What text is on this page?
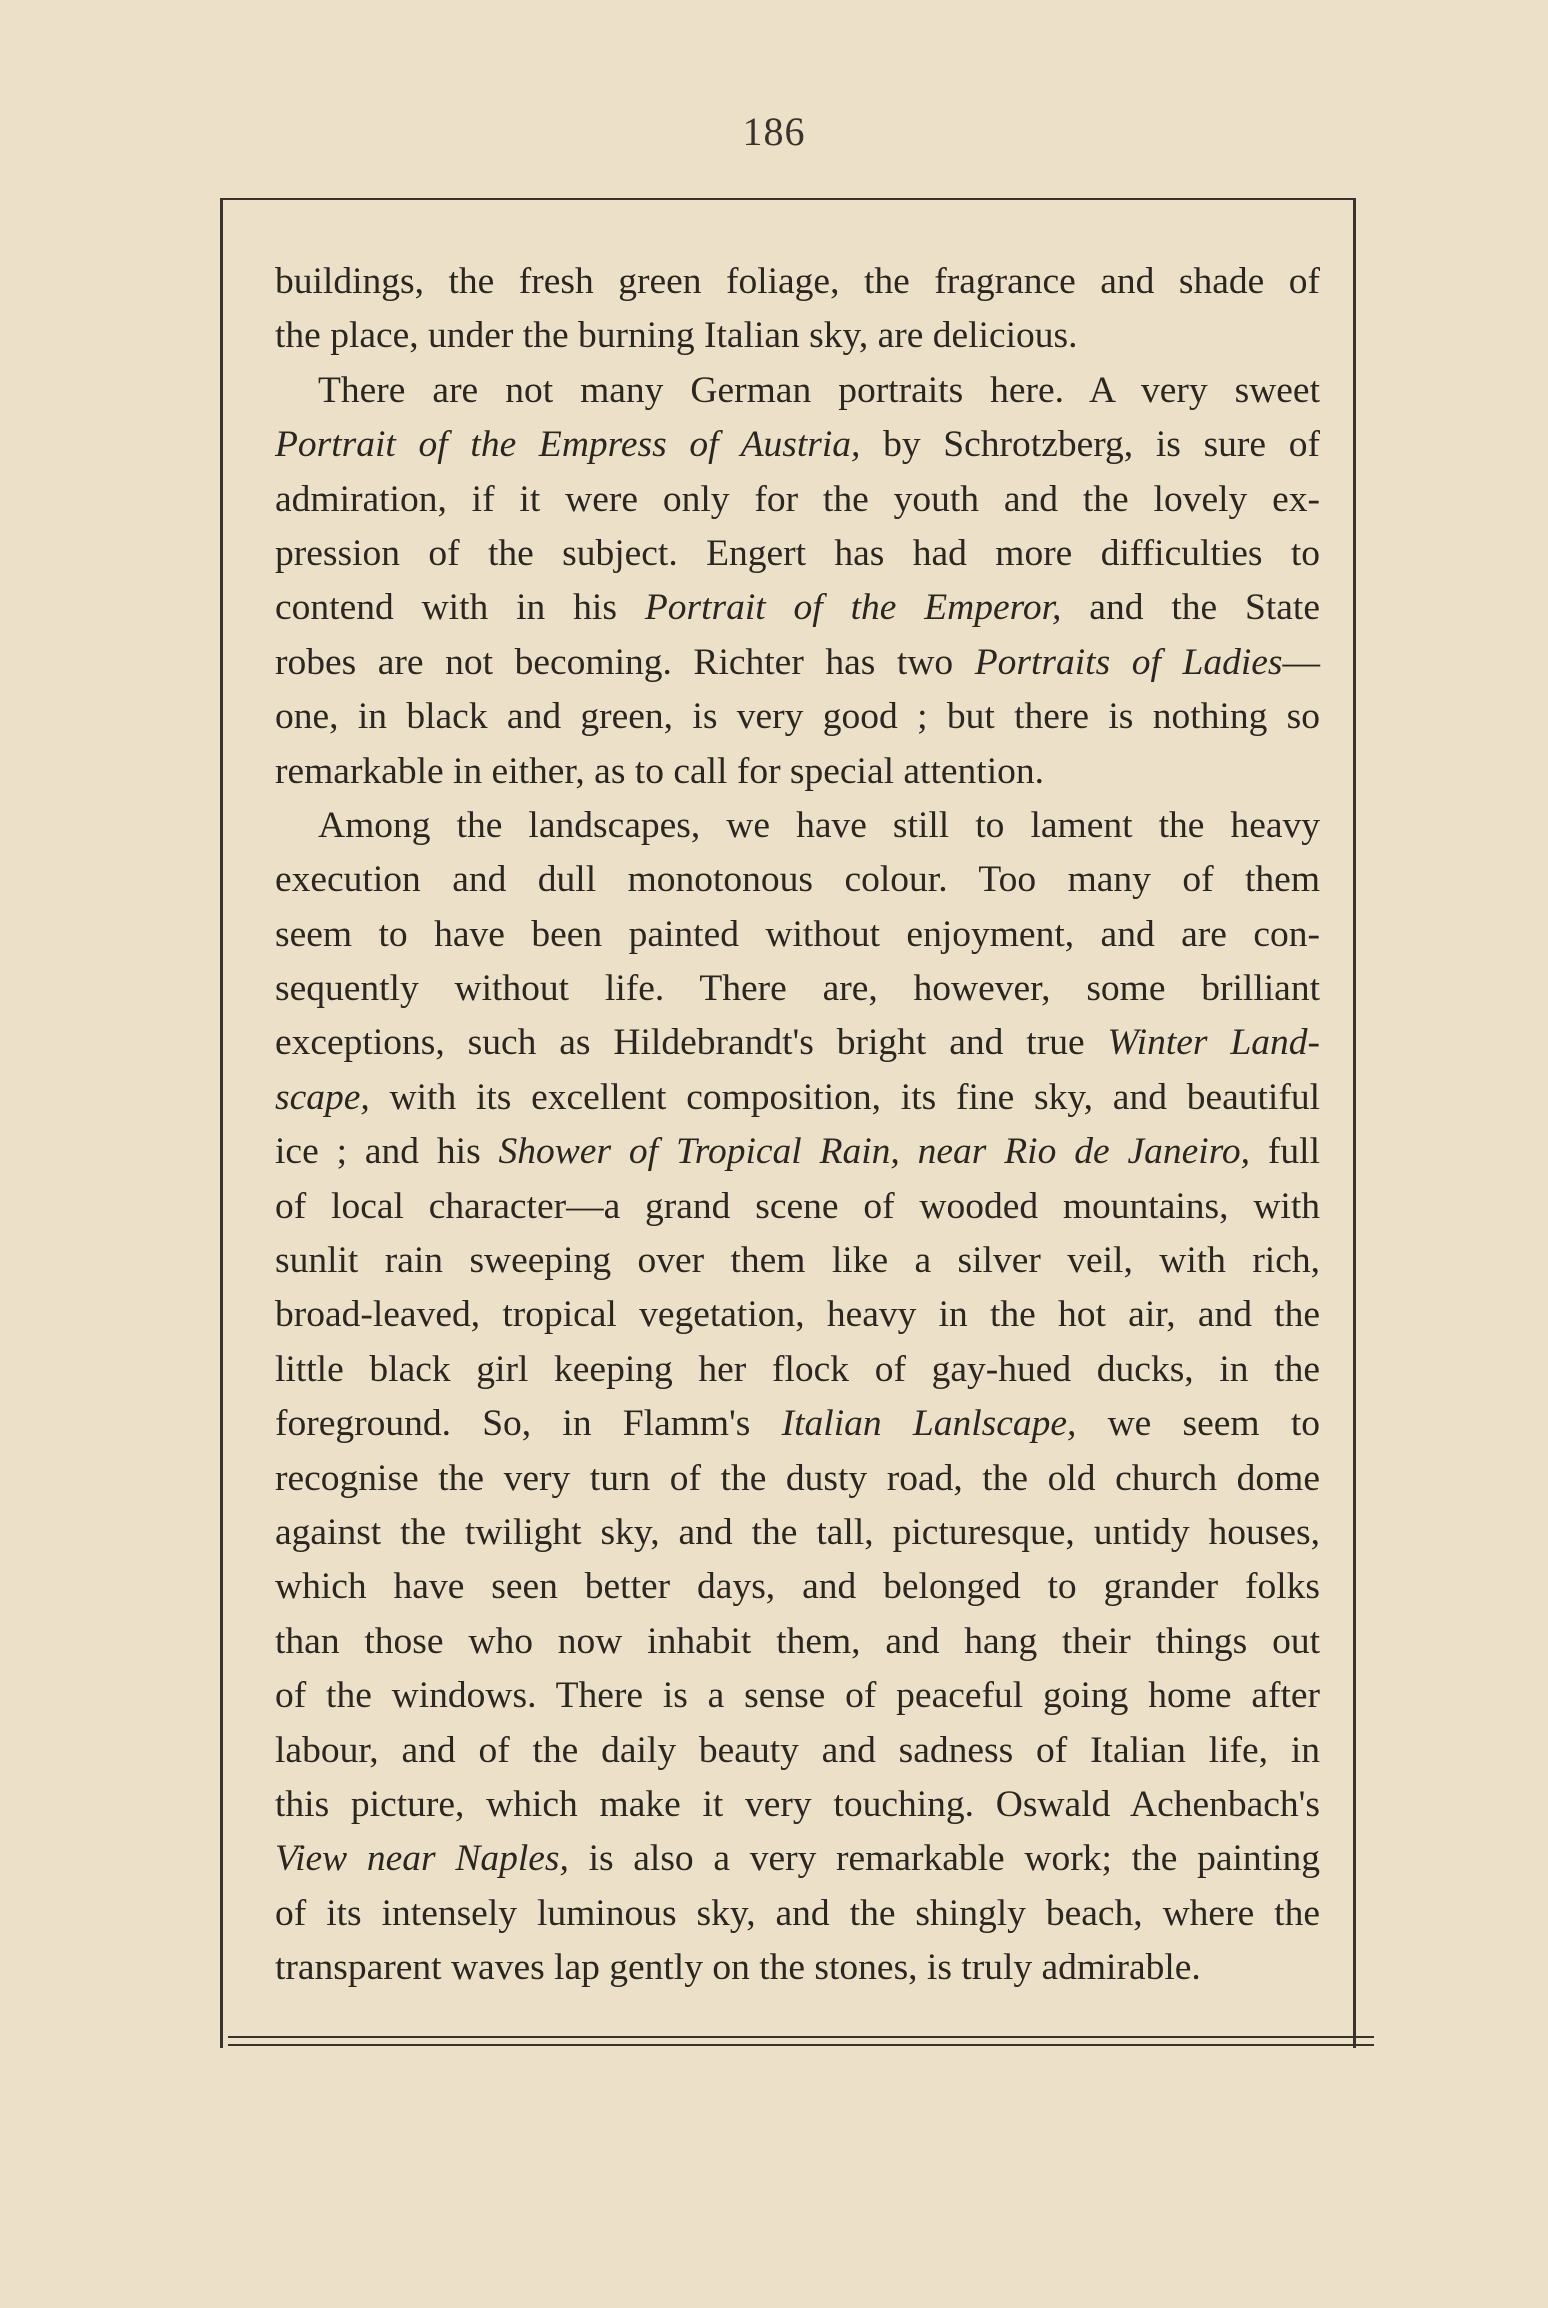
186
buildings, the fresh green foliage, the fragrance and shade of
the place, under the burning Italian sky, are delicious.
There are not many German portraits here. A very sweet
Portrait of the Empress of Austria, by Schrotzberg, is sure of
admiration, if it were only for the youth and the lovely ex-
pression of the subject. Engert has had more difficulties to
contend with in his Portrait of the Emperor, and the State
robes are not becoming. Richter has two Portraits of Ladies—
one, in black and green, is very good ; but there is nothing so
remarkable in either, as to call for special attention.
Among the landscapes, we have still to lament the heavy
execution and dull monotonous colour. Too many of them
seem to have been painted without enjoyment, and are con-
sequently without life. There are, however, some brilliant
exceptions, such as Hildebrandt's bright and true Winter Land-
scape, with its excellent composition, its fine sky, and beautiful
ice ; and his Shower of Tropical Rain, near Rio de Janeiro, full
of local character—a grand scene of wooded mountains, with
sunlit rain sweeping over them like a silver veil, with rich,
broad-leaved, tropical vegetation, heavy in the hot air, and the
little black girl keeping her flock of gay-hued ducks, in the
foreground. So, in Flamm's Italian Lanlscape, we seem to
recognise the very turn of the dusty road, the old church dome
against the twilight sky, and the tall, picturesque, untidy houses,
which have seen better days, and belonged to grander folks
than those who now inhabit them, and hang their things out
of the windows. There is a sense of peaceful going home after
labour, and of the daily beauty and sadness of Italian life, in
this picture, which make it very touching. Oswald Achenbach's
View near Naples, is also a very remarkable work; the painting
of its intensely luminous sky, and the shingly beach, where the
transparent waves lap gently on the stones, is truly admirable.
